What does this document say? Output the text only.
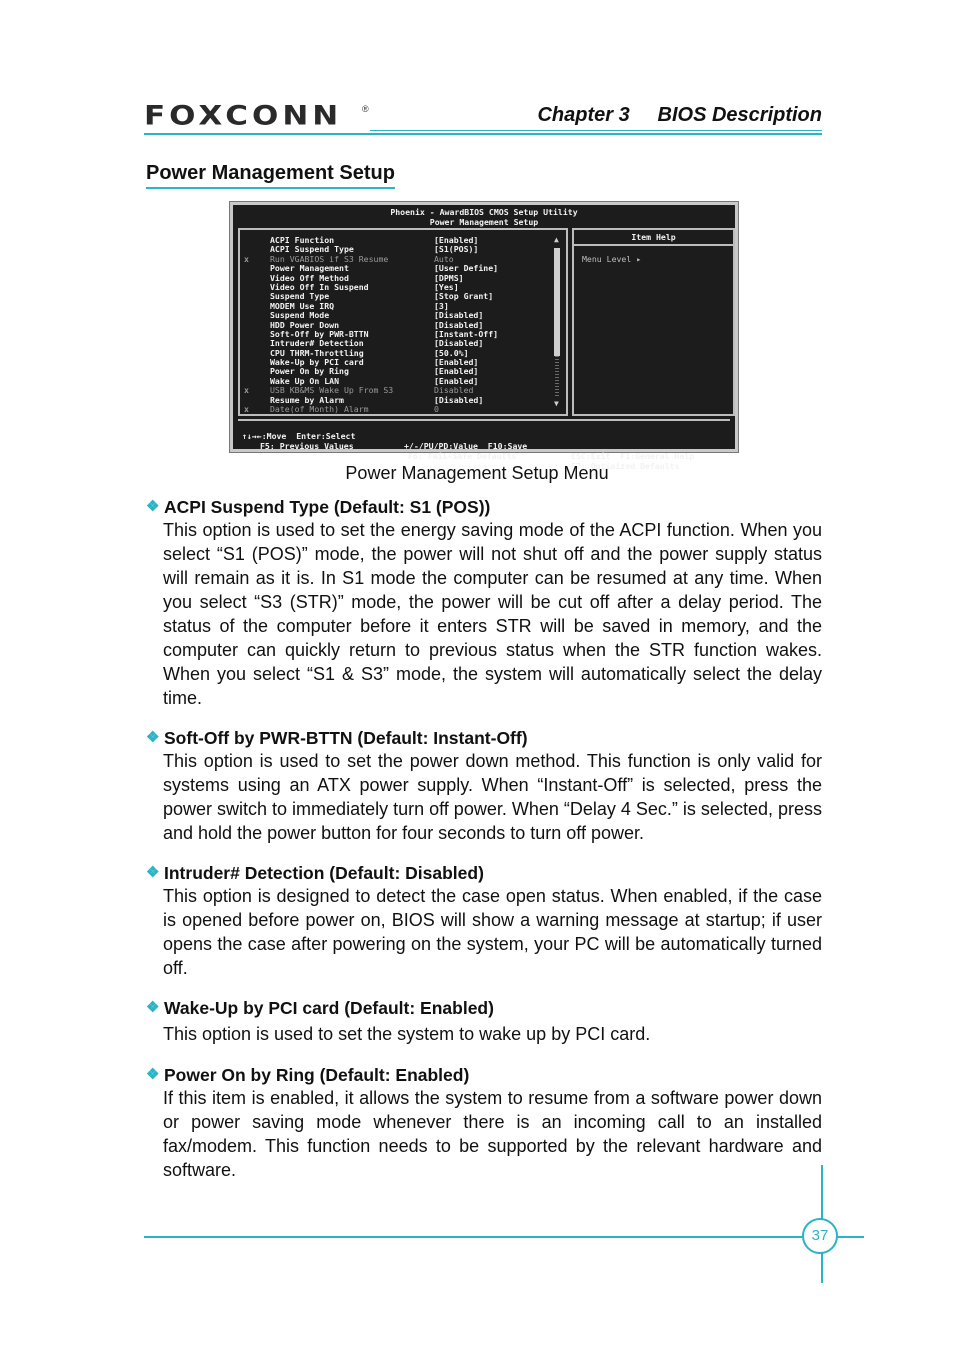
FOXCONN ®	Chapter 3     BIOS Description
Power Management Setup
Phoenix - AwardBIOS CMOS Setup Utility
Power Management Setup
ACPI Function	[Enabled]
ACPI Suspend Type	[S1(POS)]
x	Run VGABIOS if S3 Resume	Auto
Power Management	[User Define]
Video Off Method	[DPMS]
Video Off In Suspend	[Yes]
Suspend Type	[Stop Grant]
MODEM Use IRQ	[3]
Suspend Mode	[Disabled]
HDD Power Down	[Disabled]
Soft-Off by PWR-BTTN	[Instant-Off]
Intruder# Detection	[Disabled]
CPU THRM-Throttling	[50.0%]
Wake-Up by PCI card	[Enabled]
Power On by Ring	[Enabled]
Wake Up On LAN	[Enabled]
x	USB KB&MS Wake Up From S3	Disabled
Resume by Alarm	[Disabled]
x	Date(of Month) Alarm	0
▲
▼
Item Help
Menu Level ▸

↑↓→←:Move  Enter:Select

+/-/PU/PD:Value  F10:Save

ESC:Exit  F1:General Help

F5: Previous Values

F6: Fail-Safe Defaults

F7: Optimized Defaults

Power Management Setup Menu
❖ ACPI Suspend Type (Default: S1 (POS))
This option is used to set the energy saving mode of the ACPI function. When you select “S1 (POS)” mode, the power will not shut off and the power supply status will remain as it is. In S1 mode the computer can be resumed at any time. When you select “S3 (STR)” mode, the power will be cut off after a delay period. The status of the computer before it enters STR will be saved in memory, and the computer can quickly return to previous status when the STR function wakes. When you select “S1 & S3” mode, the system will automatically select the delay time.
❖ Soft-Off by PWR-BTTN (Default: Instant-Off)
This option is used to set the power down method. This function is only valid for systems using an ATX power supply. When “Instant-Off” is selected, press the power switch to immediately turn off power. When “Delay 4 Sec.” is selected, press and hold the power button for four seconds to turn off power.
❖ Intruder# Detection (Default: Disabled)
This option is designed to detect the case open status. When enabled, if the case is opened before power on, BIOS will show a warning message at startup; if user opens the case after powering on the system, your PC will be automatically turned off.
❖ Wake-Up by PCI card (Default: Enabled)
This option is used to set the system to wake up by PCI card.
❖ Power On by Ring (Default: Enabled)
If this item is enabled, it allows the system to resume from a software power down or power saving mode whenever there is an incoming call to an installed fax/modem. This function needs to be supported by the relevant hardware and software.
37
